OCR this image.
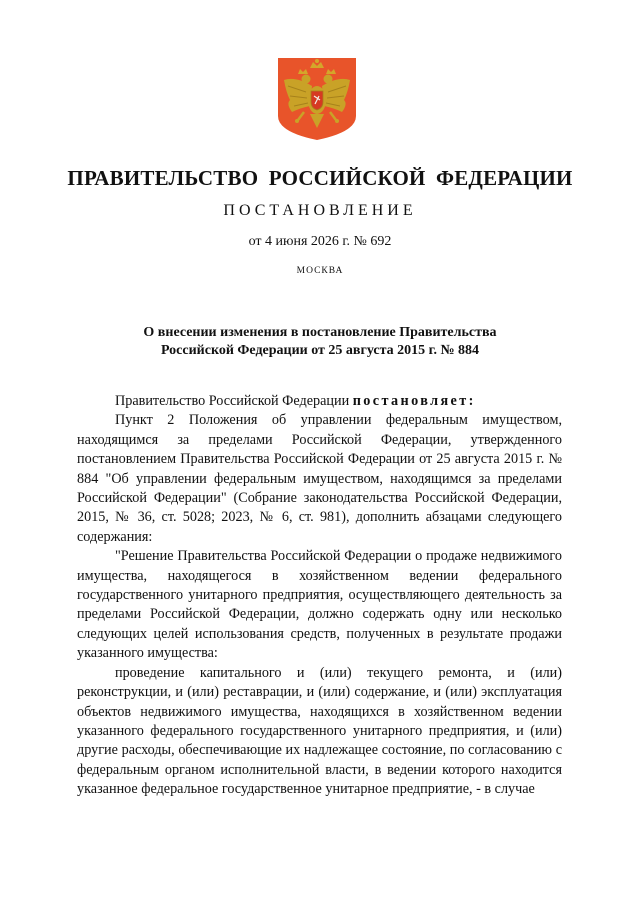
ПРАВИТЕЛЬСТВО РОССИЙСКОЙ ФЕДЕРАЦИИ
ПОСТАНОВЛЕНИЕ
от 4 июня 2026 г. № 692
МОСКВА
О внесении изменения в постановление Правительства
Российской Федерации от 25 августа 2015 г. № 884

Правительство Российской Федерации постановляет:

Пункт 2 Положения об управлении федеральным имуществом, находящимся за пределами Российской Федерации, утвержденного постановлением Правительства Российской Федерации от 25 августа 2015 г. № 884 "Об управлении федеральным имуществом, находящимся за пределами Российской Федерации" (Собрание законодательства Российской Федерации, 2015, № 36, ст. 5028; 2023, № 6, ст. 981), дополнить абзацами следующего содержания:

"Решение Правительства Российской Федерации о продаже недвижимого имущества, находящегося в хозяйственном ведении федерального государственного унитарного предприятия, осуществляющего деятельность за пределами Российской Федерации, должно содержать одну или несколько следующих целей использования средств, полученных в результате продажи указанного имущества:

проведение капитального и (или) текущего ремонта, и (или) реконструкции, и (или) реставрации, и (или) содержание, и (или) эксплуатация объектов недвижимого имущества, находящихся в хозяйственном ведении указанного федерального государственного унитарного предприятия, и (или) другие расходы, обеспечивающие их надлежащее состояние, по согласованию с федеральным органом исполнительной власти, в ведении которого находится указанное федеральное государственное унитарное предприятие, - в случае
